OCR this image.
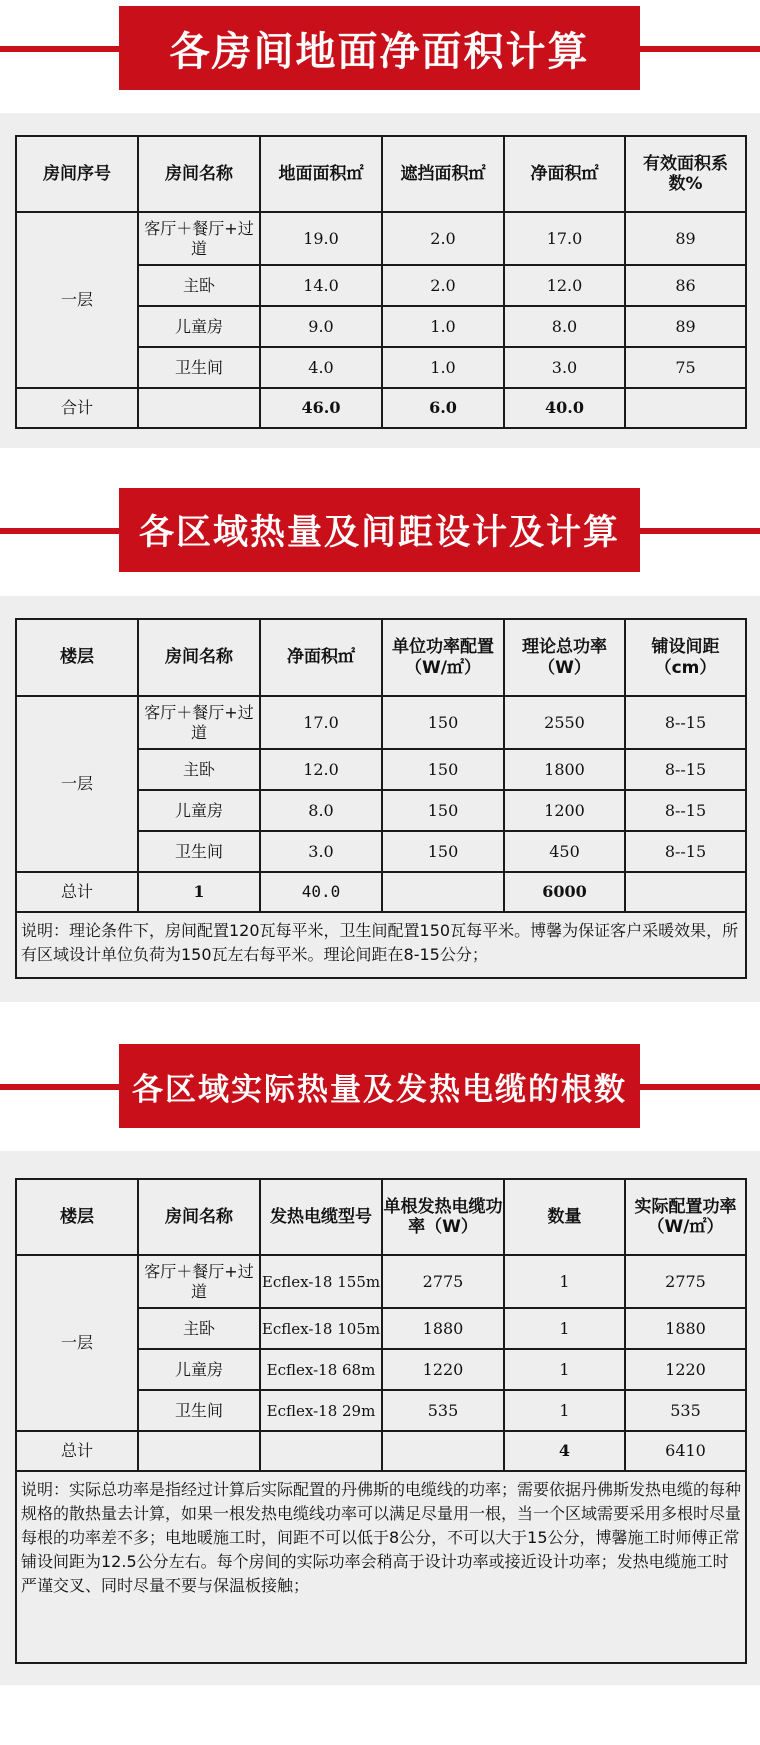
各房间地面净面积计算
房间序号	房间名称	地面面积㎡	遮挡面积㎡	净面积㎡	有效面积系数%
一层	客厅＋餐厅+过道	19.0	2.0	17.0	89
	主卧	14.0	2.0	12.0	86
	儿童房	9.0	1.0	8.0	89
	卫生间	4.0	1.0	3.0	75
合计		46.0	6.0	40.0	
各区域热量及间距设计及计算
楼层	房间名称	净面积㎡	单位功率配置（W/㎡）	理论总功率（W）	铺设间距（cm）
一层	客厅＋餐厅+过道	17.0	150	2550	8--15
	主卧	12.0	150	1800	8--15
	儿童房	8.0	150	1200	8--15
	卫生间	3.0	150	450	8--15
总计	1	40.0		6000	
说明：理论条件下，房间配置120瓦每平米，卫生间配置150瓦每平米。博馨为保证客户采暖效果，所有区域设计单位负荷为150瓦左右每平米。理论间距在8-15公分；					
各区域实际热量及发热电缆的根数
楼层	房间名称	发热电缆型号	单根发热电缆功率（W）	数量	实际配置功率（W/㎡）
一层	客厅＋餐厅+过道	Ecflex-18 155m	2775	1	2775
	主卧	Ecflex-18 105m	1880	1	1880
	儿童房	Ecflex-18 68m	1220	1	1220
	卫生间	Ecflex-18 29m	535	1	535
总计				4	6410
说明：实际总功率是指经过计算后实际配置的丹佛斯的电缆线的功率；需要依据丹佛斯发热电缆的每种规格的散热量去计算，如果一根发热电缆线功率可以满足尽量用一根，当一个区域需要采用多根时尽量每根的功率差不多；电地暖施工时，间距不可以低于8公分，不可以大于15公分，博馨施工时师傅正常铺设间距为12.5公分左右。每个房间的实际功率会稍高于设计功率或接近设计功率；发热电缆施工时严谨交叉、同时尽量不要与保温板接触；					
